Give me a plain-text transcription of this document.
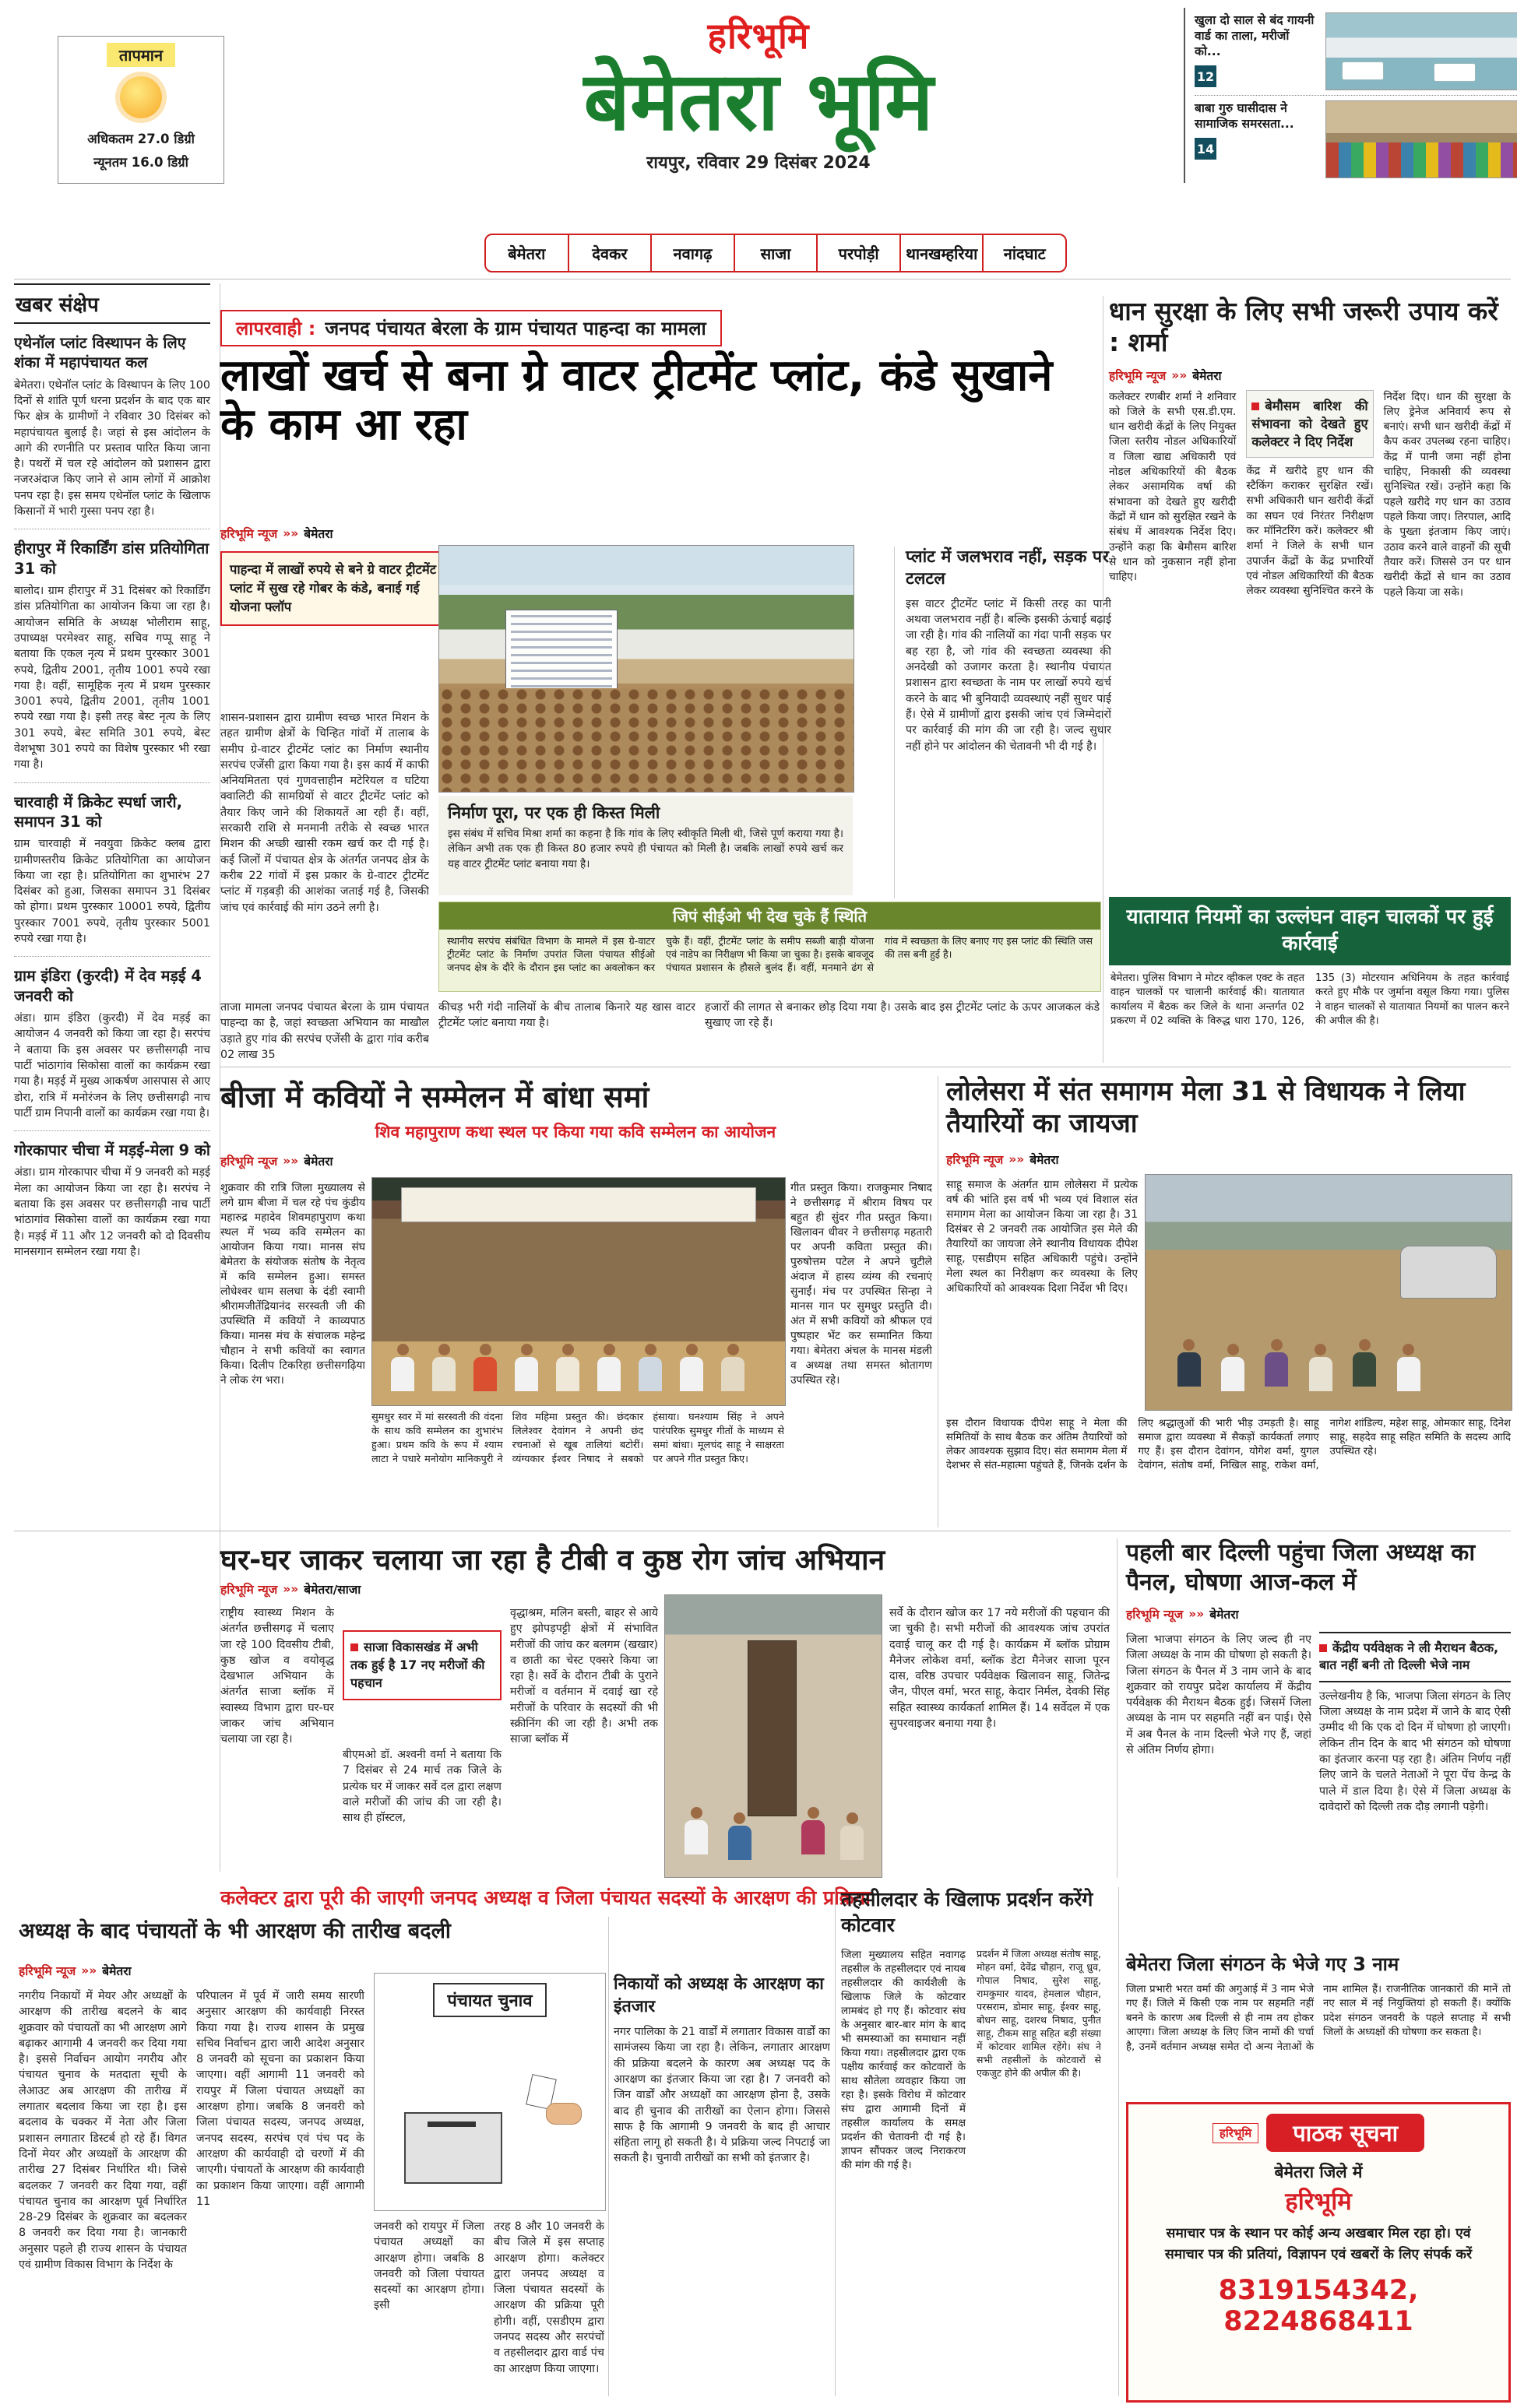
तापमान
अधिकतम 27.0 डिग्री
न्यूनतम 16.0 डिग्री
हरिभूमि
बेमेतरा भूमि
रायपुर, रविवार 29 दिसंबर 2024
खुला दो साल से बंद गायनी वार्ड का ताला, मरीजों को...
12
बाबा गुरु घासीदास ने सामाजिक समरसता...
14
बेमेतरा	देवकर	नवागढ़	साजा	परपोड़ी	थानखम्हरिया	नांदघाट
खबर संक्षेप
एथेनॉल प्लांट विस्थापन के लिए शंका में महापंचायत कल
बेमेतरा। एथेनॉल प्लांट के विस्थापन के लिए 100 दिनों से शांति पूर्ण धरना प्रदर्शन के बाद एक बार फिर क्षेत्र के ग्रामीणों ने रविवार 30 दिसंबर को महापंचायत बुलाई है। जहां से इस आंदोलन के आगे की रणनीति पर प्रस्ताव पारित किया जाना है। पथरों में चल रहे आंदोलन को प्रशासन द्वारा नजरअंदाज किए जाने से आम लोगों में आक्रोश पनप रहा है। इस समय एथेनॉल प्लांट के खिलाफ किसानों में भारी गुस्सा पनप रहा है।
हीरापुर में रिकार्डिंग डांस प्रतियोगिता 31 को
बालोद। ग्राम हीरापुर में 31 दिसंबर को रिकार्डिंग डांस प्रतियोगिता का आयोजन किया जा रहा है। आयोजन समिति के अध्यक्ष भोलीराम साहू, उपाध्यक्ष परमेश्वर साहू, सचिव गप्पू साहू ने बताया कि एकल नृत्य में प्रथम पुरस्कार 3001 रुपये, द्वितीय 2001, तृतीय 1001 रुपये रखा गया है। वहीं, सामूहिक नृत्य में प्रथम पुरस्कार 3001 रुपये, द्वितीय 2001, तृतीय 1001 रुपये रखा गया है। इसी तरह बेस्ट नृत्य के लिए 301 रुपये, बेस्ट समिति 301 रुपये, बेस्ट वेशभूषा 301 रुपये का विशेष पुरस्कार भी रखा गया है।
चारवाही में क्रिकेट स्पर्धा जारी, समापन 31 को
ग्राम चारवाही में नवयुवा क्रिकेट क्लब द्वारा ग्रामीणस्तरीय क्रिकेट प्रतियोगिता का आयोजन किया जा रहा है। प्रतियोगिता का शुभारंभ 27 दिसंबर को हुआ, जिसका समापन 31 दिसंबर को होगा। प्रथम पुरस्कार 10001 रुपये, द्वितीय पुरस्कार 7001 रुपये, तृतीय पुरस्कार 5001 रुपये रखा गया है।
ग्राम इंडिरा (कुरदी) में देव मड़ई 4 जनवरी को
अंडा। ग्राम इंडिरा (कुरदी) में देव मड़ई का आयोजन 4 जनवरी को किया जा रहा है। सरपंच ने बताया कि इस अवसर पर छत्तीसगढ़ी नाच पार्टी भांठागांव सिकोसा वालों का कार्यक्रम रखा गया है। मड़ई में मुख्य आकर्षण आसपास से आए डोरा, रात्रि में मनोरंजन के लिए छत्तीसगढ़ी नाच पार्टी ग्राम निपानी वालों का कार्यक्रम रखा गया है।
गोरकापार चीचा में मड़ई-मेला 9 को
अंडा। ग्राम गोरकापार चीचा में 9 जनवरी को मड़ई मेला का आयोजन किया जा रहा है। सरपंच ने बताया कि इस अवसर पर छत्तीसगढ़ी नाच पार्टी भांठागांव सिकोसा वालों का कार्यक्रम रखा गया है। मड़ई में 11 और 12 जनवरी को दो दिवसीय मानसगान सम्मेलन रखा गया है।
लापरवाही : जनपद पंचायत बेरला के ग्राम पंचायत पाहन्दा का मामला
लाखों खर्च से बना ग्रे वाटर ट्रीटमेंट प्लांट, कंडे सुखाने के काम आ रहा
हरिभूमि न्यूज »» बेमेतरा
पाहन्दा में लाखों रुपये से बने ग्रे वाटर ट्रीटमेंट प्लांट में सुख रहे गोबर के कंडे, बनाई गई योजना फ्लॉप
शासन-प्रशासन द्वारा ग्रामीण स्वच्छ भारत मिशन के तहत ग्रामीण क्षेत्रों के चिन्हित गांवों में तालाब के समीप ग्रे-वाटर ट्रीटमेंट प्लांट का निर्माण स्थानीय सरपंच एजेंसी द्वारा किया गया है। इस कार्य में काफी अनियमितता एवं गुणवत्ताहीन मटेरियल व घटिया क्वालिटी की सामग्रियों से वाटर ट्रीटमेंट प्लांट को तैयार किए जाने की शिकायतें आ रही हैं। वहीं, सरकारी राशि से मनमानी तरीके से स्वच्छ भारत मिशन की अच्छी खासी रकम खर्च कर दी गई है। कई जिलों में पंचायत क्षेत्र के अंतर्गत जनपद क्षेत्र के करीब 22 गांवों में इस प्रकार के ग्रे-वाटर ट्रीटमेंट प्लांट में गड़बड़ी की आशंका जताई गई है, जिसकी जांच एवं कार्रवाई की मांग उठने लगी है।
निर्माण पूरा, पर एक ही किस्त मिली
इस संबंध में सचिव मिश्रा शर्मा का कहना है कि गांव के लिए स्वीकृति मिली थी, जिसे पूर्ण कराया गया है। लेकिन अभी तक एक ही किस्त 80 हजार रुपये ही पंचायत को मिली है। जबकि लाखों रुपये खर्च कर यह वाटर ट्रीटमेंट प्लांट बनाया गया है।
प्लांट में जलभराव नहीं, सड़क पर टलटल
इस वाटर ट्रीटमेंट प्लांट में किसी तरह का पानी अथवा जलभराव नहीं है। बल्कि इसकी ऊंचाई बढ़ाई जा रही है। गांव की नालियों का गंदा पानी सड़क पर बह रहा है, जो गांव की स्वच्छता व्यवस्था की अनदेखी को उजागर करता है। स्थानीय पंचायत प्रशासन द्वारा स्वच्छता के नाम पर लाखों रुपये खर्च करने के बाद भी बुनियादी व्यवस्थाएं नहीं सुधर पाई हैं। ऐसे में ग्रामीणों द्वारा इसकी जांच एवं जिम्मेदारों पर कार्रवाई की मांग की जा रही है। जल्द सुधार नहीं होने पर आंदोलन की चेतावनी भी दी गई है।
जिपं सीईओ भी देख चुके हैं स्थिति
स्थानीय सरपंच संबंधित विभाग के मामले में इस ग्रे-वाटर ट्रीटमेंट प्लांट के निर्माण उपरांत जिला पंचायत सीईओ जनपद क्षेत्र के दौरे के दौरान इस प्लांट का अवलोकन कर चुके हैं। वहीं, ट्रीटमेंट प्लांट के समीप सब्जी बाड़ी योजना एवं नाडेप का निरीक्षण भी किया जा चुका है। इसके बावजूद पंचायत प्रशासन के हौसले बुलंद हैं। वहीं, मनमाने ढंग से गांव में स्वच्छता के लिए बनाए गए इस प्लांट की स्थिति जस की तस बनी हुई है।
ताजा मामला जनपद पंचायत बेरला के ग्राम पंचायत पाहन्दा का है, जहां स्वच्छता अभियान का माखौल उड़ाते हुए गांव की सरपंच एजेंसी के द्वारा गांव करीब 02 लाख 35
कीचड़ भरी गंदी नालियों के बीच तालाब किनारे यह खास वाटर ट्रीटमेंट प्लांट बनाया गया है।
हजारों की लागत से बनाकर छोड़ दिया गया है। उसके बाद इस ट्रीटमेंट प्लांट के ऊपर आजकल कंडे सुखाए जा रहे हैं।
धान सुरक्षा के लिए सभी जरूरी उपाय करें : शर्मा
हरिभूमि न्यूज »» बेमेतरा
कलेक्टर रणबीर शर्मा ने शनिवार को जिले के सभी एस.डी.एम. धान खरीदी केंद्रों के लिए नियुक्त जिला स्तरीय नोडल अधिकारियों व जिला खाद्य अधिकारी एवं नोडल अधिकारियों की बैठक लेकर असामयिक वर्षा की संभावना को देखते हुए खरीदी केंद्रों में धान को सुरक्षित रखने के संबंध में आवश्यक निर्देश दिए। उन्होंने कहा कि बेमौसम बारिश से धान को नुकसान नहीं होना चाहिए।
बेमौसम बारिश की संभावना को देखते हुए कलेक्टर ने दिए निर्देश
केंद्र में खरीदे हुए धान की स्टैकिंग कराकर सुरक्षित रखें। सभी अधिकारी धान खरीदी केंद्रों का सघन एवं निरंतर निरीक्षण कर मॉनिटरिंग करें। कलेक्टर श्री शर्मा ने जिले के सभी धान उपार्जन केंद्रों के केंद्र प्रभारियों एवं नोडल अधिकारियों की बैठक लेकर व्यवस्था सुनिश्चित करने के निर्देश दिए। धान की सुरक्षा के लिए ड्रेनेज अनिवार्य रूप से बनाएं। सभी धान खरीदी केंद्रों में कैप कवर उपलब्ध रहना चाहिए। केंद्र में पानी जमा नहीं होना चाहिए, निकासी की व्यवस्था सुनिश्चित रखें। उन्होंने कहा कि पहले खरीदे गए धान का उठाव पहले किया जाए। तिरपाल, आदि के पुख्ता इंतजाम किए जाएं। उठाव करने वाले वाहनों की सूची तैयार करें। जिससे उन पर धान खरीदी केंद्रों से धान का उठाव पहले किया जा सके।
यातायात नियमों का उल्लंघन वाहन चालकों पर हुई कार्रवाई
बेमेतरा। पुलिस विभाग ने मोटर व्हीकल एक्ट के तहत वाहन चालकों पर चालानी कार्रवाई की। यातायात कार्यालय में बैठक कर जिले के थाना अन्तर्गत 02 प्रकरण में 02 व्यक्ति के विरुद्ध धारा 170, 126, 135 (3) मोटरयान अधिनियम के तहत कार्रवाई करते हुए मौके पर जुर्माना वसूल किया गया। पुलिस ने वाहन चालकों से यातायात नियमों का पालन करने की अपील की है।
बीजा में कवियों ने सम्मेलन में बांधा समां
शिव महापुराण कथा स्थल पर किया गया कवि सम्मेलन का आयोजन
हरिभूमि न्यूज »» बेमेतरा
शुक्रवार की रात्रि जिला मुख्यालय से लगे ग्राम बीजा में चल रहे पंच कुंडीय महारुद्र महादेव शिवमहापुराण कथा स्थल में भव्य कवि सम्मेलन का आयोजन किया गया। मानस संघ बेमेतरा के संयोजक संतोष के नेतृत्व में कवि सम्मेलन हुआ। समस्त लोधेश्वर धाम सलधा के दंडी स्वामी श्रीरामजीतेंद्रियानंद सरस्वती जी की उपस्थिति में कवियों ने काव्यपाठ किया। मानस मंच के संचालक महेन्द्र चौहान ने सभी कवियों का स्वागत किया। दिलीप टिकरिहा छत्तीसगढ़िया ने लोक रंग भरा।
सुमधुर स्वर में मां सरस्वती की वंदना के साथ कवि सम्मेलन का शुभारंभ हुआ। प्रथम कवि के रूप में श्याम लाटा ने पधारे मनोयोग मानिकपुरी ने शिव महिमा प्रस्तुत की। छंदकार लिलेश्वर देवांगन ने अपनी छंद रचनाओं से खूब तालियां बटोरीं। व्यंग्यकार ईश्वर निषाद ने सबको हंसाया। घनश्याम सिंह ने अपने पारंपरिक सुमधुर गीतों के माध्यम से समां बांधा। मूलचंद साहू ने साक्षरता पर अपने गीत प्रस्तुत किए।
गीत प्रस्तुत किया। राजकुमार निषाद ने छत्तीसगढ़ में श्रीराम विषय पर बहुत ही सुंदर गीत प्रस्तुत किया। खिलावन धीवर ने छत्तीसगढ़ महतारी पर अपनी कविता प्रस्तुत की। पुरुषोत्तम पटेल ने अपने चुटीले अंदाज में हास्य व्यंग्य की रचनाएं सुनाईं। मंच पर उपस्थित सिन्हा ने मानस गान पर सुमधुर प्रस्तुति दी। अंत में सभी कवियों को श्रीफल एवं पुष्पहार भेंट कर सम्मानित किया गया। बेमेतरा अंचल के मानस मंडली व अध्यक्ष तथा समस्त श्रोतागण उपस्थित रहे।
लोलेसरा में संत समागम मेला 31 से विधायक ने लिया तैयारियों का जायजा
हरिभूमि न्यूज »» बेमेतरा
साहू समाज के अंतर्गत ग्राम लोलेसरा में प्रत्येक वर्ष की भांति इस वर्ष भी भव्य एवं विशाल संत समागम मेला का आयोजन किया जा रहा है। 31 दिसंबर से 2 जनवरी तक आयोजित इस मेले की तैयारियों का जायजा लेने स्थानीय विधायक दीपेश साहू, एसडीएम सहित अधिकारी पहुंचे। उन्होंने मेला स्थल का निरीक्षण कर व्यवस्था के लिए अधिकारियों को आवश्यक दिशा निर्देश भी दिए।
इस दौरान विधायक दीपेश साहू ने मेला की समितियों के साथ बैठक कर अंतिम तैयारियों को लेकर आवश्यक सुझाव दिए। संत समागम मेला में देशभर से संत-महात्मा पहुंचते हैं, जिनके दर्शन के लिए श्रद्धालुओं की भारी भीड़ उमड़ती है। साहू समाज द्वारा व्यवस्था में सैकड़ों कार्यकर्ता लगाए गए हैं। इस दौरान देवांगन, योगेश वर्मा, युगल देवांगन, संतोष वर्मा, निखिल साहू, राकेश वर्मा, नागेश शांडिल्य, महेश साहू, ओमकार साहू, दिनेश साहू, सहदेव साहू सहित समिति के सदस्य आदि उपस्थित रहे।
घर-घर जाकर चलाया जा रहा है टीबी व कुष्ठ रोग जांच अभियान
हरिभूमि न्यूज »» बेमेतरा/साजा
राष्ट्रीय स्वास्थ्य मिशन के अंतर्गत छत्तीसगढ़ में चलाए जा रहे 100 दिवसीय टीबी, कुष्ठ खोज व वयोवृद्ध देखभाल अभियान के अंतर्गत साजा ब्लॉक में स्वास्थ्य विभाग द्वारा घर-घर जाकर जांच अभियान चलाया जा रहा है।
साजा विकासखंड में अभी तक हुई है 17 नए मरीजों की पहचान
बीएमओ डॉ. अश्वनी वर्मा ने बताया कि 7 दिसंबर से 24 मार्च तक जिले के प्रत्येक घर में जाकर सर्वे दल द्वारा लक्षण वाले मरीजों की जांच की जा रही है। साथ ही हॉस्टल,
वृद्धाश्रम, मलिन बस्ती, बाहर से आये हुए झोपड़पट्टी क्षेत्रों में संभावित मरीजों की जांच कर बलगम (खखार) व छाती का चेस्ट एक्सरे किया जा रहा है। सर्वे के दौरान टीबी के पुराने मरीजों व वर्तमान में दवाई खा रहे मरीजों के परिवार के सदस्यों की भी स्क्रीनिंग की जा रही है। अभी तक साजा ब्लॉक में
सर्वे के दौरान खोज कर 17 नये मरीजों की पहचान की जा चुकी है। सभी मरीजों की आवश्यक जांच उपरांत दवाई चालू कर दी गई है। कार्यक्रम में ब्लॉक प्रोग्राम मैनेजर लोकेश वर्मा, ब्लॉक डेटा मैनेजर साजा पूरन दास, वरिष्ठ उपचार पर्यवेक्षक खिलावन साहू, जितेन्द्र जैन, पीएल वर्मा, भरत साहू, केदार निर्मल, देवकी सिंह सहित स्वास्थ्य कार्यकर्ता शामिल हैं। 14 सर्वेदल में एक सुपरवाइजर बनाया गया है।
पहली बार दिल्ली पहुंचा जिला अध्यक्ष का पैनल, घोषणा आज-कल में
हरिभूमि न्यूज »» बेमेतरा
जिला भाजपा संगठन के लिए जल्द ही नए जिला अध्यक्ष के नाम की घोषणा हो सकती है। जिला संगठन के पैनल में 3 नाम जाने के बाद शुक्रवार को रायपुर प्रदेश कार्यालय में केंद्रीय पर्यवेक्षक की मैराथन बैठक हुई। जिसमें जिला अध्यक्ष के नाम पर सहमति नहीं बन पाई। ऐसे में अब पैनल के नाम दिल्ली भेजे गए हैं, जहां से अंतिम निर्णय होगा।
केंद्रीय पर्यवेक्षक ने ली मैराथन बैठक, बात नहीं बनी तो दिल्ली भेजे नाम
उल्लेखनीय है कि, भाजपा जिला संगठन के लिए जिला अध्यक्ष के नाम प्रदेश में जाने के बाद ऐसी उम्मीद थी कि एक दो दिन में घोषणा हो जाएगी। लेकिन तीन दिन के बाद भी संगठन को घोषणा का इंतजार करना पड़ रहा है। अंतिम निर्णय नहीं लिए जाने के चलते नेताओं ने पूरा पेंच केन्द्र के पाले में डाल दिया है। ऐसे में जिला अध्यक्ष के दावेदारों को दिल्ली तक दौड़ लगानी पड़ेगी।
कलेक्टर द्वारा पूरी की जाएगी जनपद अध्यक्ष व जिला पंचायत सदस्यों के आरक्षण की प्रक्रिया
अध्यक्ष के बाद पंचायतों के भी आरक्षण की तारीख बदली
हरिभूमि न्यूज »» बेमेतरा
नगरीय निकायों में मेयर और अध्यक्षों के आरक्षण की तारीख बदलने के बाद शुक्रवार को पंचायतों का भी आरक्षण आगे बढ़ाकर आगामी 4 जनवरी कर दिया गया है। इससे निर्वाचन आयोग नगरीय और पंचायत चुनाव के मतदाता सूची के लेआउट अब आरक्षण की तारीख में लगातार बदलाव किया जा रहा है। इस बदलाव के चक्कर में नेता और जिला प्रशासन लगातार डिस्टर्ब हो रहे हैं। विगत दिनों मेयर और अध्यक्षों के आरक्षण की तारीख 27 दिसंबर निर्धारित थी। जिसे बदलकर 7 जनवरी कर दिया गया, वहीं पंचायत चुनाव का आरक्षण पूर्व निर्धारित 28-29 दिसंबर के शुक्रवार का बदलकर 8 जनवरी कर दिया गया है। जानकारी अनुसार पहले ही राज्य शासन के पंचायत एवं ग्रामीण विकास विभाग के निर्देश के
परिपालन में पूर्व में जारी समय सारणी अनुसार आरक्षण की कार्यवाही निरस्त किया गया है। राज्य शासन के प्रमुख सचिव निर्वाचन द्वारा जारी आदेश अनुसार 8 जनवरी को सूचना का प्रकाशन किया जाएगा। वहीं आगामी 11 जनवरी को रायपुर में जिला पंचायत अध्यक्षों का आरक्षण होगा। जबकि 8 जनवरी को जिला पंचायत सदस्य, जनपद अध्यक्ष, जनपद सदस्य, सरपंच एवं पंच पद के आरक्षण की कार्यवाही दो चरणों में की जाएगी। पंचायतों के आरक्षण की कार्यवाही का प्रकाशन किया जाएगा। वहीं आगामी 11
पंचायत चुनाव
जनवरी को रायपुर में जिला पंचायत अध्यक्षों का आरक्षण होगा। जबकि 8 जनवरी को जिला पंचायत सदस्यों का आरक्षण होगा। इसी
तरह 8 और 10 जनवरी के बीच जिले में इस सप्ताह आरक्षण होगा। कलेक्टर द्वारा जनपद अध्यक्ष व जिला पंचायत सदस्यों के आरक्षण की प्रक्रिया पूरी होगी। वहीं, एसडीएम द्वारा जनपद सदस्य और सरपंचों व तहसीलदार द्वारा वार्ड पंच का आरक्षण किया जाएगा।
निकायों को अध्यक्ष के आरक्षण का इंतजार
नगर पालिका के 21 वार्डों में लगातार विकास वार्डों का सामंजस्य किया जा रहा है। लेकिन, लगातार आरक्षण की प्रक्रिया बदलने के कारण अब अध्यक्ष पद के आरक्षण का इंतजार किया जा रहा है। 7 जनवरी को जिन वार्डों और अध्यक्षों का आरक्षण होना है, उसके बाद ही चुनाव की तारीखों का ऐलान होगा। जिससे साफ है कि आगामी 9 जनवरी के बाद ही आचार संहिता लागू हो सकती है। ये प्रक्रिया जल्द निपटाई जा सकती है। चुनावी तारीखों का सभी को इंतजार है।
तहसीलदार के खिलाफ प्रदर्शन करेंगे कोटवार
जिला मुख्यालय सहित नवागढ़ तहसील के तहसीलदार एवं नायब तहसीलदार की कार्यशैली के खिलाफ जिले के कोटवार लामबंद हो गए हैं। कोटवार संघ के अनुसार बार-बार मांग के बाद भी समस्याओं का समाधान नहीं किया गया। तहसीलदार द्वारा एक पक्षीय कार्रवाई कर कोटवारों के साथ सौतेला व्यवहार किया जा रहा है। इसके विरोध में कोटवार संघ द्वारा आगामी दिनों में तहसील कार्यालय के समक्ष प्रदर्शन की चेतावनी दी गई है। ज्ञापन सौंपकर जल्द निराकरण की मांग की गई है।
प्रदर्शन में जिला अध्यक्ष संतोष साहू, मोहन वर्मा, देवेंद्र चौहान, राजू ध्रुव, गोपाल निषाद, सुरेश साहू, रामकुमार यादव, हेमलाल चौहान, परसराम, डोमार साहू, ईश्वर साहू, बोधन साहू, दशरथ निषाद, पुनीत साहू, टीकम साहू सहित बड़ी संख्या में कोटवार शामिल रहेंगे। संघ ने सभी तहसीलों के कोटवारों से एकजुट होने की अपील की है।
बेमेतरा जिला संगठन के भेजे गए 3 नाम
जिला प्रभारी भरत वर्मा की अगुआई में 3 नाम भेजे गए हैं। जिले में किसी एक नाम पर सहमति नहीं बनने के कारण अब दिल्ली से ही नाम तय होकर आएगा। जिला अध्यक्ष के लिए जिन नामों की चर्चा है, उनमें वर्तमान अध्यक्ष समेत दो अन्य नेताओं के नाम शामिल हैं। राजनीतिक जानकारों की मानें तो नए साल में नई नियुक्तियां हो सकती हैं। क्योंकि प्रदेश संगठन जनवरी के पहले सप्ताह में सभी जिलों के अध्यक्षों की घोषणा कर सकता है।
हरिभूमि	पाठक सूचना
बेमेतरा जिले में
हरिभूमि
समाचार पत्र के स्थान पर कोई अन्य अखबार मिल रहा हो। एवं समाचार पत्र की प्रतियां, विज्ञापन एवं खबरों के लिए संपर्क करें
8319154342, 8224868411
